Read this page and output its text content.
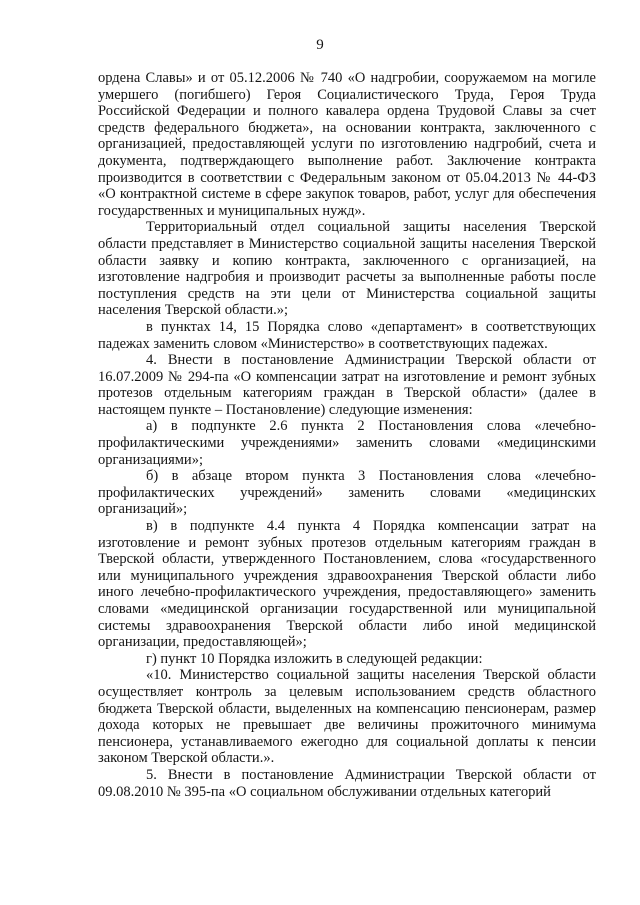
9

ордена Славы» и от 05.12.2006 № 740 «О надгробии, сооружаемом на могиле умершего (погибшего) Героя Социалистического Труда, Героя Труда Российской Федерации и полного кавалера ордена Трудовой Славы за счет средств федерального бюджета», на основании контракта, заключенного с организацией, предоставляющей услуги по изготовлению надгробий, счета и документа, подтверждающего выполнение работ. Заключение контракта производится в соответствии с Федеральным законом от 05.04.2013 № 44-ФЗ «О контрактной системе в сфере закупок товаров, работ, услуг для обеспечения государственных и муниципальных нужд».

Территориальный отдел социальной защиты населения Тверской области представляет в Министерство социальной защиты населения Тверской области заявку и копию контракта, заключенного с организацией, на изготовление надгробия и производит расчеты за выполненные работы после поступления средств на эти цели от Министерства социальной защиты населения Тверской области.»;

в пунктах 14, 15 Порядка слово «департамент» в соответствующих падежах заменить словом «Министерство» в соответствующих падежах.

4. Внести в постановление Администрации Тверской области от 16.07.2009 № 294-па «О компенсации затрат на изготовление и ремонт зубных протезов отдельным категориям граждан в Тверской области» (далее в настоящем пункте – Постановление) следующие изменения:

а) в подпункте 2.6 пункта 2 Постановления слова «лечебно-профилактическими учреждениями» заменить словами «медицинскими организациями»;

б) в абзаце втором пункта 3 Постановления слова «лечебно-профилактических учреждений» заменить словами «медицинских организаций»;

в) в подпункте 4.4 пункта 4 Порядка компенсации затрат на изготовление и ремонт зубных протезов отдельным категориям граждан в Тверской области, утвержденного Постановлением, слова «государственного или муниципального учреждения здравоохранения Тверской области либо иного лечебно-профилактического учреждения, предоставляющего» заменить словами «медицинской организации государственной или муниципальной системы здравоохранения Тверской области либо иной медицинской организации, предоставляющей»;

г) пункт 10 Порядка изложить в следующей редакции:

«10. Министерство социальной защиты населения Тверской области осуществляет контроль за целевым использованием средств областного бюджета Тверской области, выделенных на компенсацию пенсионерам, размер дохода которых не превышает две величины прожиточного минимума пенсионера, устанавливаемого ежегодно для социальной доплаты к пенсии законом Тверской области.».

5. Внести в постановление Администрации Тверской области от 09.08.2010 № 395-па «О социальном обслуживании отдельных категорий
